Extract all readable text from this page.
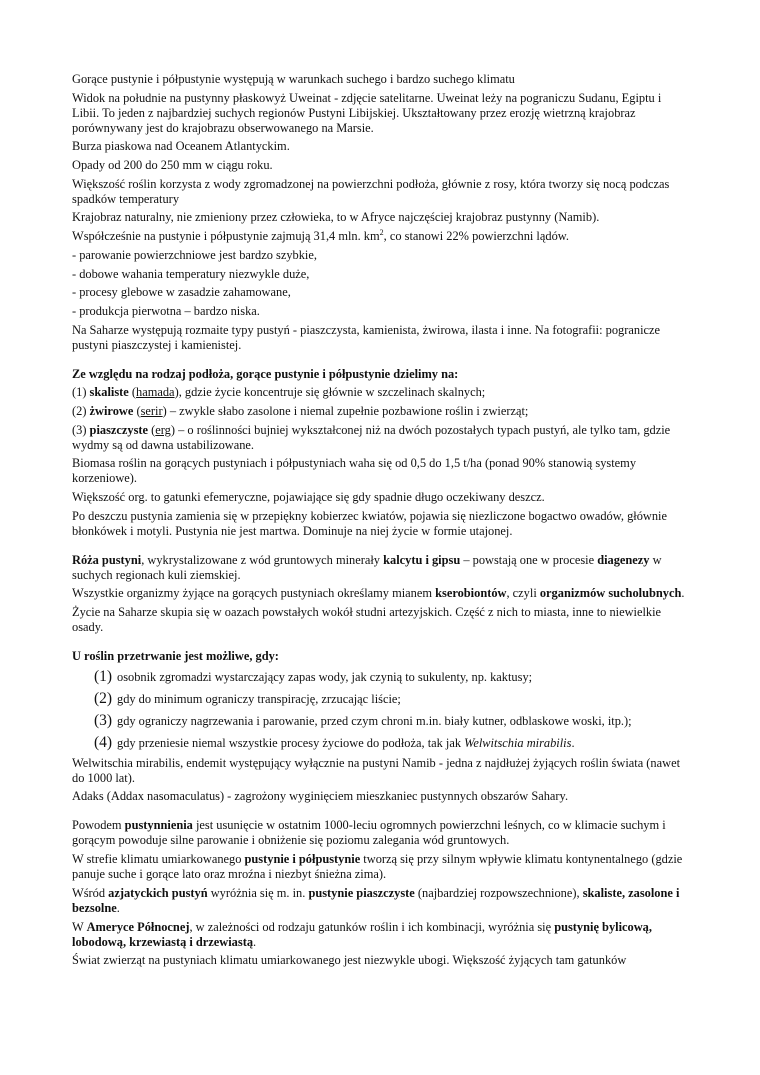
Gorące pustynie i półpustynie występują w warunkach suchego i bardzo suchego klimatu

Widok na południe na pustynny płaskowyż Uweinat - zdjęcie satelitarne. Uweinat leży na pograniczu Sudanu, Egiptu i Libii. To jeden z najbardziej suchych regionów Pustyni Libijskiej. Ukształtowany przez erozję wietrzną krajobraz porównywany jest do krajobrazu obserwowanego na Marsie.

Burza piaskowa nad Oceanem Atlantyckim.

Opady od 200 do 250 mm w ciągu roku.

Większość roślin korzysta z wody zgromadzonej na powierzchni podłoża, głównie z rosy, która tworzy się nocą podczas spadków temperatury

Krajobraz naturalny, nie zmieniony przez człowieka, to w Afryce najczęściej krajobraz pustynny (Namib).

Współcześnie na pustynie i półpustynie zajmują 31,4 mln. $km^2$, co stanowi 22% powierzchni lądów.

- parowanie powierzchniowe jest bardzo szybkie,

- dobowe wahania temperatury niezwykle duże,

- procesy glebowe w zasadzie zahamowane,

- produkcja pierwotna – bardzo niska.

Na Saharze występują rozmaite typy pustyń - piaszczysta, kamienista, żwirowa, ilasta i inne. Na fotografii: pogranicze pustyni piaszczystej i kamienistej.

Ze względu na rodzaj podłoża, gorące pustynie i półpustynie dzielimy na:

(1) skaliste (hamada), gdzie życie koncentruje się głównie w szczelinach skalnych;

(2) żwirowe (serir) – zwykle słabo zasolone i niemal zupełnie pozbawione roślin i zwierząt;

(3) piaszczyste (erg) – o roślinności bujniej wykształconej niż na dwóch pozostałych typach pustyń, ale tylko tam, gdzie wydmy są od dawna ustabilizowane.

Biomasa roślin na gorących pustyniach i półpustyniach waha się od 0,5 do 1,5 t/ha (ponad 90% stanowią systemy korzeniowe).

Większość org. to gatunki efemeryczne, pojawiające się gdy spadnie długo oczekiwany deszcz.

Po deszczu pustynia zamienia się w przepiękny kobierzec kwiatów, pojawia się niezliczone bogactwo owadów, głównie błonkówek i motyli. Pustynia nie jest martwa. Dominuje na niej życie w formie utajonej.

Róża pustyni, wykrystalizowane z wód gruntowych minerały kalcytu i gipsu – powstają one w procesie diagenezy w suchych regionach kuli ziemskiej.

Wszystkie organizmy żyjące na gorących pustyniach określamy mianem kserobiontów, czyli organizmów sucholubnych.

Życie na Saharze skupia się w oazach powstałych wokół studni artezyjskich. Część z nich to miasta, inne to niewielkie osady.

U roślin przetrwanie jest możliwe, gdy:

(1) osobnik zgromadzi wystarczający zapas wody, jak czynią to sukulenty, np. kaktusy;
(2) gdy do minimum ograniczy transpirację, zrzucając liście;
(3) gdy ograniczy nagrzewania i parowanie, przed czym chroni m.in. biały kutner, odblaskowe woski, itp.);
(4) gdy przeniesie niemal wszystkie procesy życiowe do podłoża, tak jak Welwitschia mirabilis.

Welwitschia mirabilis, endemit występujący wyłącznie na pustyni Namib - jedna z najdłużej żyjących roślin świata (nawet do 1000 lat).

Adaks (Addax nasomaculatus) - zagrożony wyginięciem mieszkaniec pustynnych obszarów Sahary.

Powodem pustynnienia jest usunięcie w ostatnim 1000-leciu ogromnych powierzchni leśnych, co w klimacie suchym i gorącym powoduje silne parowanie i obniżenie się poziomu zalegania wód gruntowych.

W strefie klimatu umiarkowanego pustynie i półpustynie tworzą się przy silnym wpływie klimatu kontynentalnego (gdzie panuje suche i gorące lato oraz mroźna i niezbyt śnieżna zima).

Wśród azjatyckich pustyń wyróżnia się m. in. pustynie piaszczyste (najbardziej rozpowszechnione), skaliste, zasolone i bezsolne.

W Ameryce Północnej, w zależności od rodzaju gatunków roślin i ich kombinacji, wyróżnia się pustynię bylicową, lobodową, krzewiastą i drzewiastą.

Świat zwierząt na pustyniach klimatu umiarkowanego jest niezwykle ubogi. Większość żyjących tam gatunków
